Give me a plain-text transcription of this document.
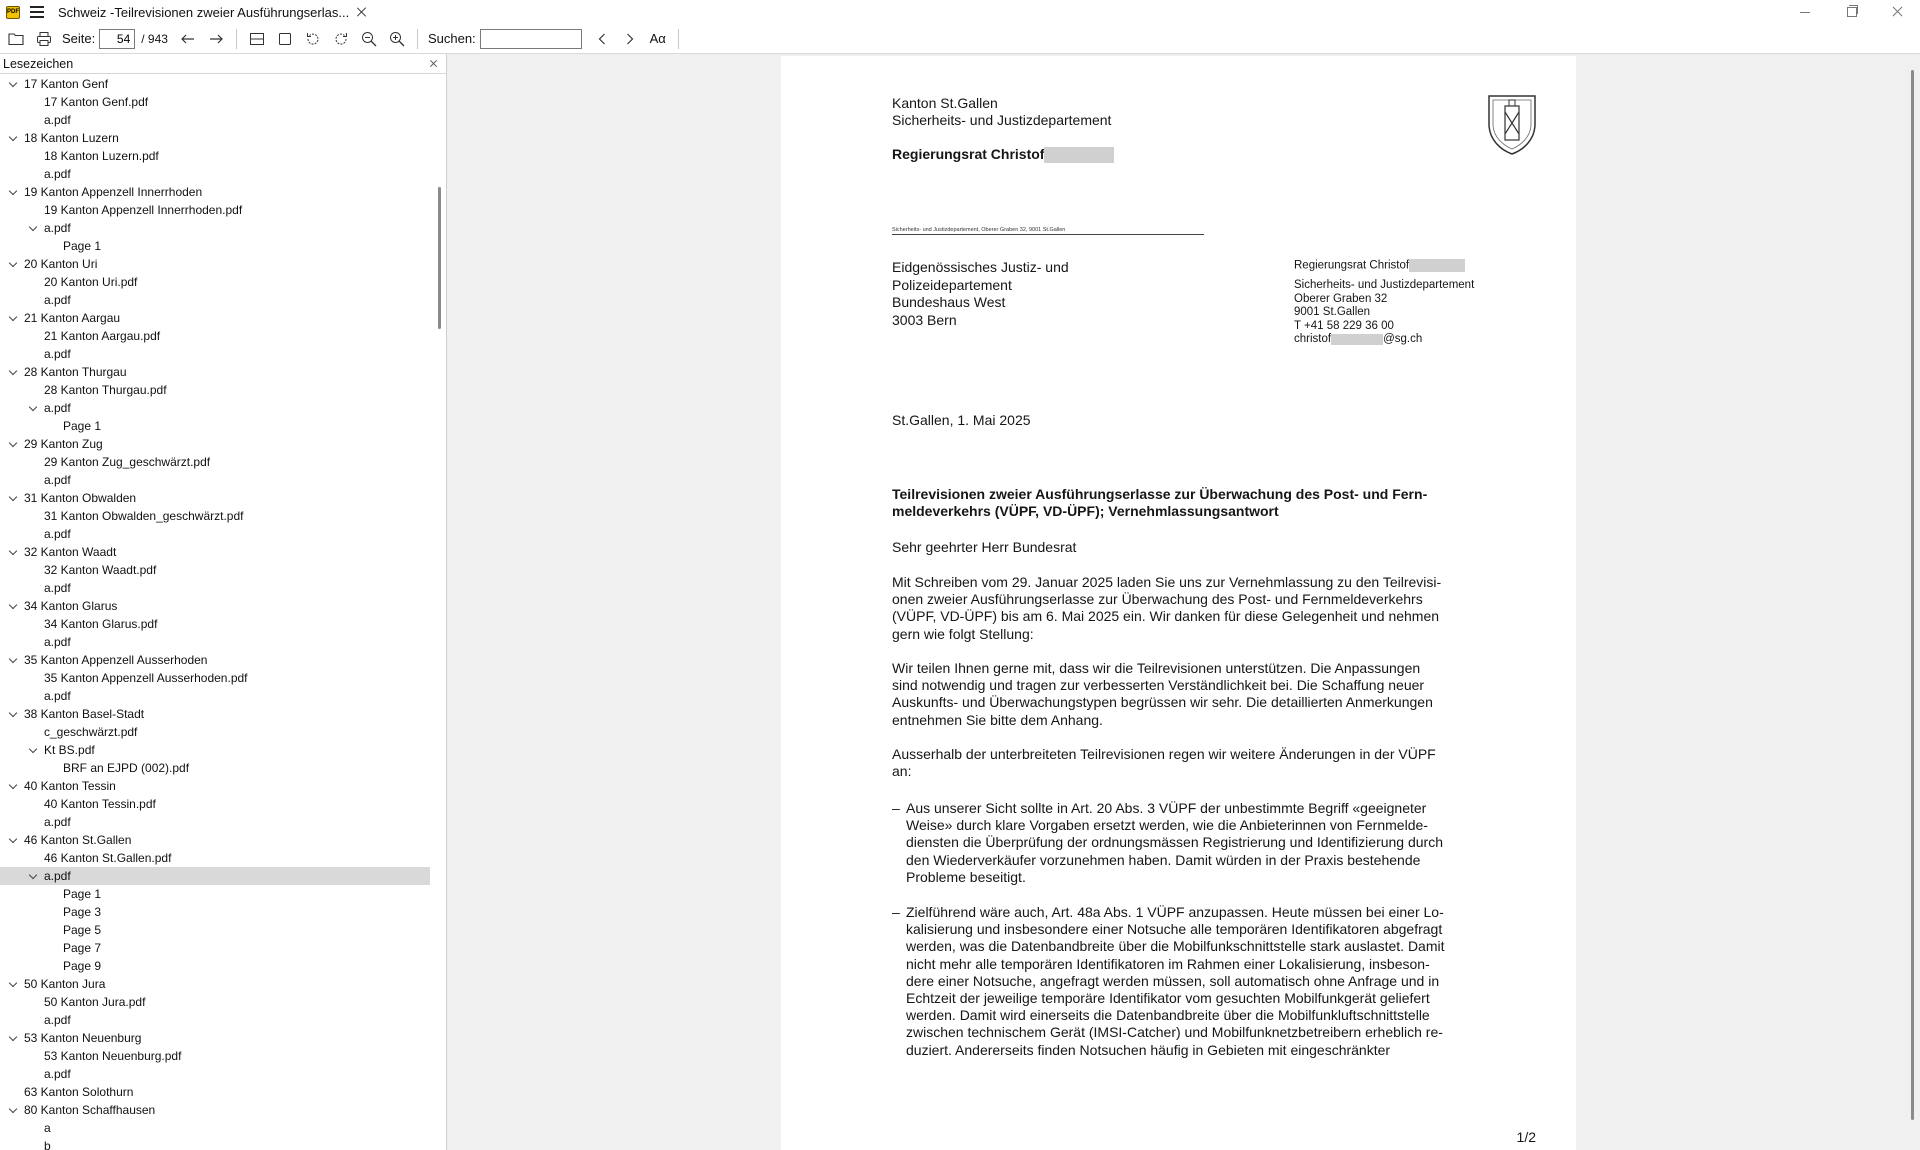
PDF	Schweiz -Teilrevisionen zweier Ausführungserlas...
Seite:
54	/ 943	Suchen:	Aα
Lesezeichen
17 Kanton Genf
17 Kanton Genf.pdf
a.pdf
18 Kanton Luzern
18 Kanton Luzern.pdf
a.pdf
19 Kanton Appenzell Innerrhoden
19 Kanton Appenzell Innerrhoden.pdf
a.pdf
Page 1
20 Kanton Uri
20 Kanton Uri.pdf
a.pdf
21 Kanton Aargau
21 Kanton Aargau.pdf
a.pdf
28 Kanton Thurgau
28 Kanton Thurgau.pdf
a.pdf
Page 1
29 Kanton Zug
29 Kanton Zug_geschwärzt.pdf
a.pdf
31 Kanton Obwalden
31 Kanton Obwalden_geschwärzt.pdf
a.pdf
32 Kanton Waadt
32 Kanton Waadt.pdf
a.pdf
34 Kanton Glarus
34 Kanton Glarus.pdf
a.pdf
35 Kanton Appenzell Ausserhoden
35 Kanton Appenzell Ausserhoden.pdf
a.pdf
38 Kanton Basel-Stadt
c_geschwärzt.pdf
Kt BS.pdf
BRF an EJPD (002).pdf
40 Kanton Tessin
40 Kanton Tessin.pdf
a.pdf
46 Kanton St.Gallen
46 Kanton St.Gallen.pdf
a.pdf
Page 1
Page 3
Page 5
Page 7
Page 9
50 Kanton Jura
50 Kanton Jura.pdf
a.pdf
53 Kanton Neuenburg
53 Kanton Neuenburg.pdf
a.pdf
63 Kanton Solothurn
80 Kanton Schaffhausen
a
b
Kanton St.Gallen
Sicherheits- und Justizdepartement
Regierungsrat Christof
Sicherheits- und Justizdepartement, Oberer Graben 32, 9001 St.Gallen
Eidgenössisches Justiz- und
Polizeidepartement
Bundeshaus West
3003 Bern
Regierungsrat Christof
Sicherheits- und Justizdepartement
Oberer Graben 32
9001 St.Gallen
T +41 58 229 36 00
christof	@sg.ch
St.Gallen, 1. Mai 2025
Teilrevisionen zweier Ausführungserlasse zur Überwachung des Post- und Fernmeldeverkehrs (VÜPF, VD-ÜPF); Vernehmlassungsantwort
Sehr geehrter Herr Bundesrat
Mit Schreiben vom 29. Januar 2025 laden Sie uns zur Vernehmlassung zu den Teilrevisionen zweier Ausführungserlasse zur Überwachung des Post- und Fernmeldeverkehrs (VÜPF, VD-ÜPF) bis am 6. Mai 2025 ein. Wir danken für diese Gelegenheit und nehmen gern wie folgt Stellung:
Wir teilen Ihnen gerne mit, dass wir die Teilrevisionen unterstützen. Die Anpassungen sind notwendig und tragen zur verbesserten Verständlichkeit bei. Die Schaffung neuer Auskunfts- und Überwachungstypen begrüssen wir sehr. Die detaillierten Anmerkungen entnehmen Sie bitte dem Anhang.
Ausserhalb der unterbreiteten Teilrevisionen regen wir weitere Änderungen in der VÜPF an:
– Aus unserer Sicht sollte in Art. 20 Abs. 3 VÜPF der unbestimmte Begriff «geeigneter Weise» durch klare Vorgaben ersetzt werden, wie die Anbieterinnen von Fernmeldediensten die Überprüfung der ordnungsmässen Registrierung und Identifizierung durch den Wiederverkäufer vorzunehmen haben. Damit würden in der Praxis bestehende Probleme beseitigt.
– Zielführend wäre auch, Art. 48a Abs. 1 VÜPF anzupassen. Heute müssen bei einer Lokalisierung und insbesondere einer Notsuche alle temporären Identifikatoren abgefragt werden, was die Datenbandbreite über die Mobilfunkschnittstelle stark auslastet. Damit nicht mehr alle temporären Identifikatoren im Rahmen einer Lokalisierung, insbesondere einer Notsuche, angefragt werden müssen, soll automatisch ohne Anfrage und in Echtzeit der jeweilige temporäre Identifikator vom gesuchten Mobilfunkgerät geliefert werden. Damit wird einerseits die Datenbandbreite über die Mobilfunkluftschnittstelle zwischen technischem Gerät (IMSI-Catcher) und Mobilfunknetzbetreibern erheblich reduziert. Andererseits finden Notsuchen häufig in Gebieten mit eingeschränkter
1/2
